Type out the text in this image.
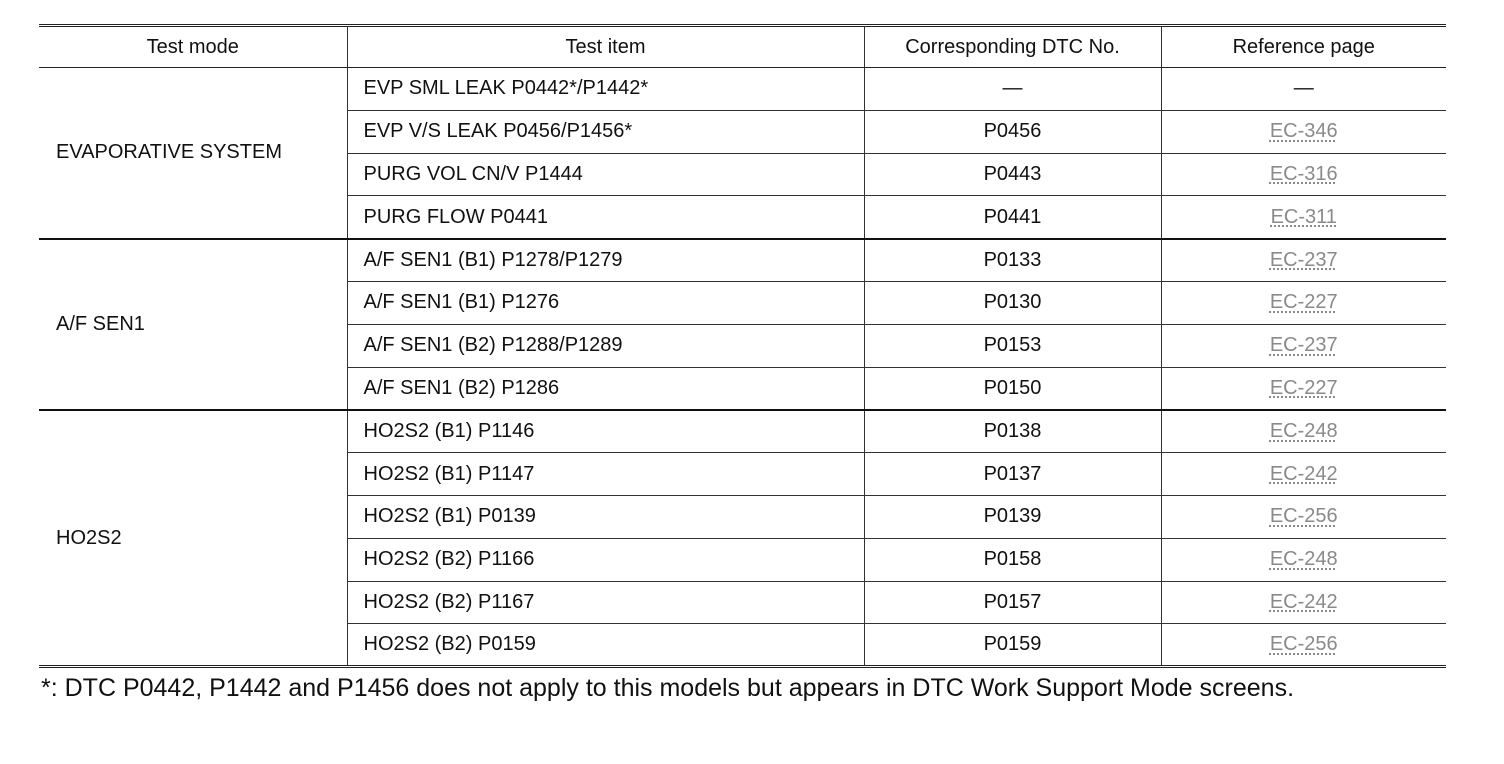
Test mode	Test item	Corresponding DTC No.	Reference page
EVAPORATIVE SYSTEM	EVP SML LEAK P0442*/P1442*	—	—
	EVP V/S LEAK P0456/P1456*	P0456	EC-346
	PURG VOL CN/V P1444	P0443	EC-316
	PURG FLOW P0441	P0441	EC-311
A/F SEN1	A/F SEN1 (B1) P1278/P1279	P0133	EC-237
	A/F SEN1 (B1) P1276	P0130	EC-227
	A/F SEN1 (B2) P1288/P1289	P0153	EC-237
	A/F SEN1 (B2) P1286	P0150	EC-227
HO2S2	HO2S2 (B1) P1146	P0138	EC-248
	HO2S2 (B1) P1147	P0137	EC-242
	HO2S2 (B1) P0139	P0139	EC-256
	HO2S2 (B2) P1166	P0158	EC-248
	HO2S2 (B2) P1167	P0157	EC-242
	HO2S2 (B2) P0159	P0159	EC-256

*: DTC P0442, P1442 and P1456 does not apply to this models but appears in DTC Work Support Mode screens.
